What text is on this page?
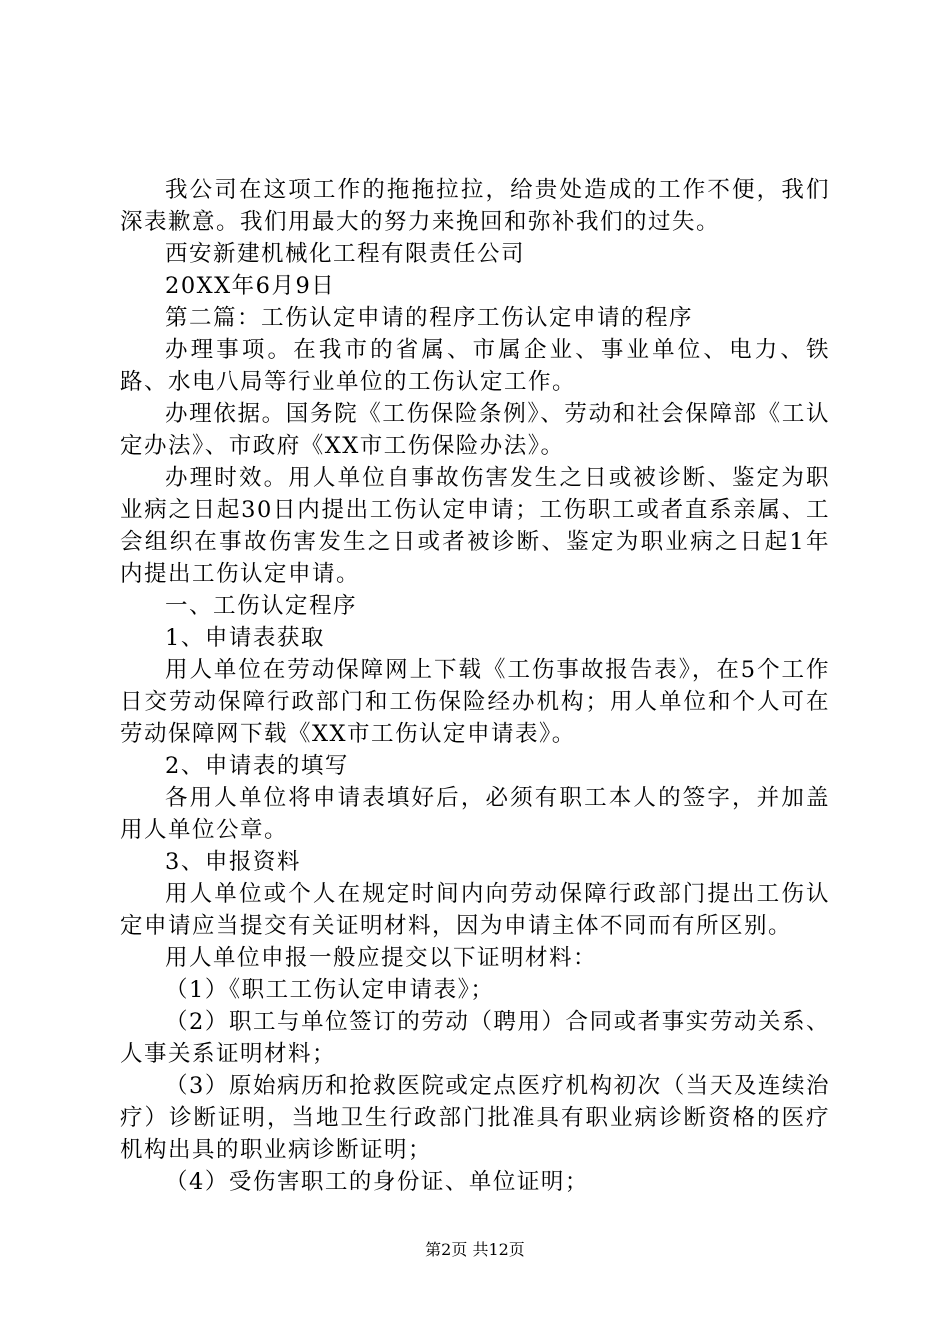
我公司在这项工作的拖拖拉拉，给贵处造成的工作不便，我们深表歉意。我们用最大的努力来挽回和弥补我们的过失。

西安新建机械化工程有限责任公司

20XX年6月9日

第二篇：工伤认定申请的程序工伤认定申请的程序

办理事项。在我市的省属、市属企业、事业单位、电力、铁路、水电八局等行业单位的工伤认定工作。

办理依据。国务院《工伤保险条例》、劳动和社会保障部《工认定办法》、市政府《XX市工伤保险办法》。

办理时效。用人单位自事故伤害发生之日或被诊断、鉴定为职业病之日起30日内提出工伤认定申请；工伤职工或者直系亲属、工会组织在事故伤害发生之日或者被诊断、鉴定为职业病之日起1年内提出工伤认定申请。

一、工伤认定程序

1、申请表获取

用人单位在劳动保障网上下载《工伤事故报告表》，在5个工作日交劳动保障行政部门和工伤保险经办机构；用人单位和个人可在劳动保障网下载《XX市工伤认定申请表》。

2、申请表的填写

各用人单位将申请表填好后，必须有职工本人的签字，并加盖用人单位公章。

3、申报资料

用人单位或个人在规定时间内向劳动保障行政部门提出工伤认定申请应当提交有关证明材料，因为申请主体不同而有所区别。

用人单位申报一般应提交以下证明材料：

（1）《职工工伤认定申请表》；

（2）职工与单位签订的劳动（聘用）合同或者事实劳动关系、人事关系证明材料；

（3）原始病历和抢救医院或定点医疗机构初次（当天及连续治疗）诊断证明，当地卫生行政部门批准具有职业病诊断资格的医疗机构出具的职业病诊断证明；

（4）受伤害职工的身份证、单位证明；

第2页 共12页
